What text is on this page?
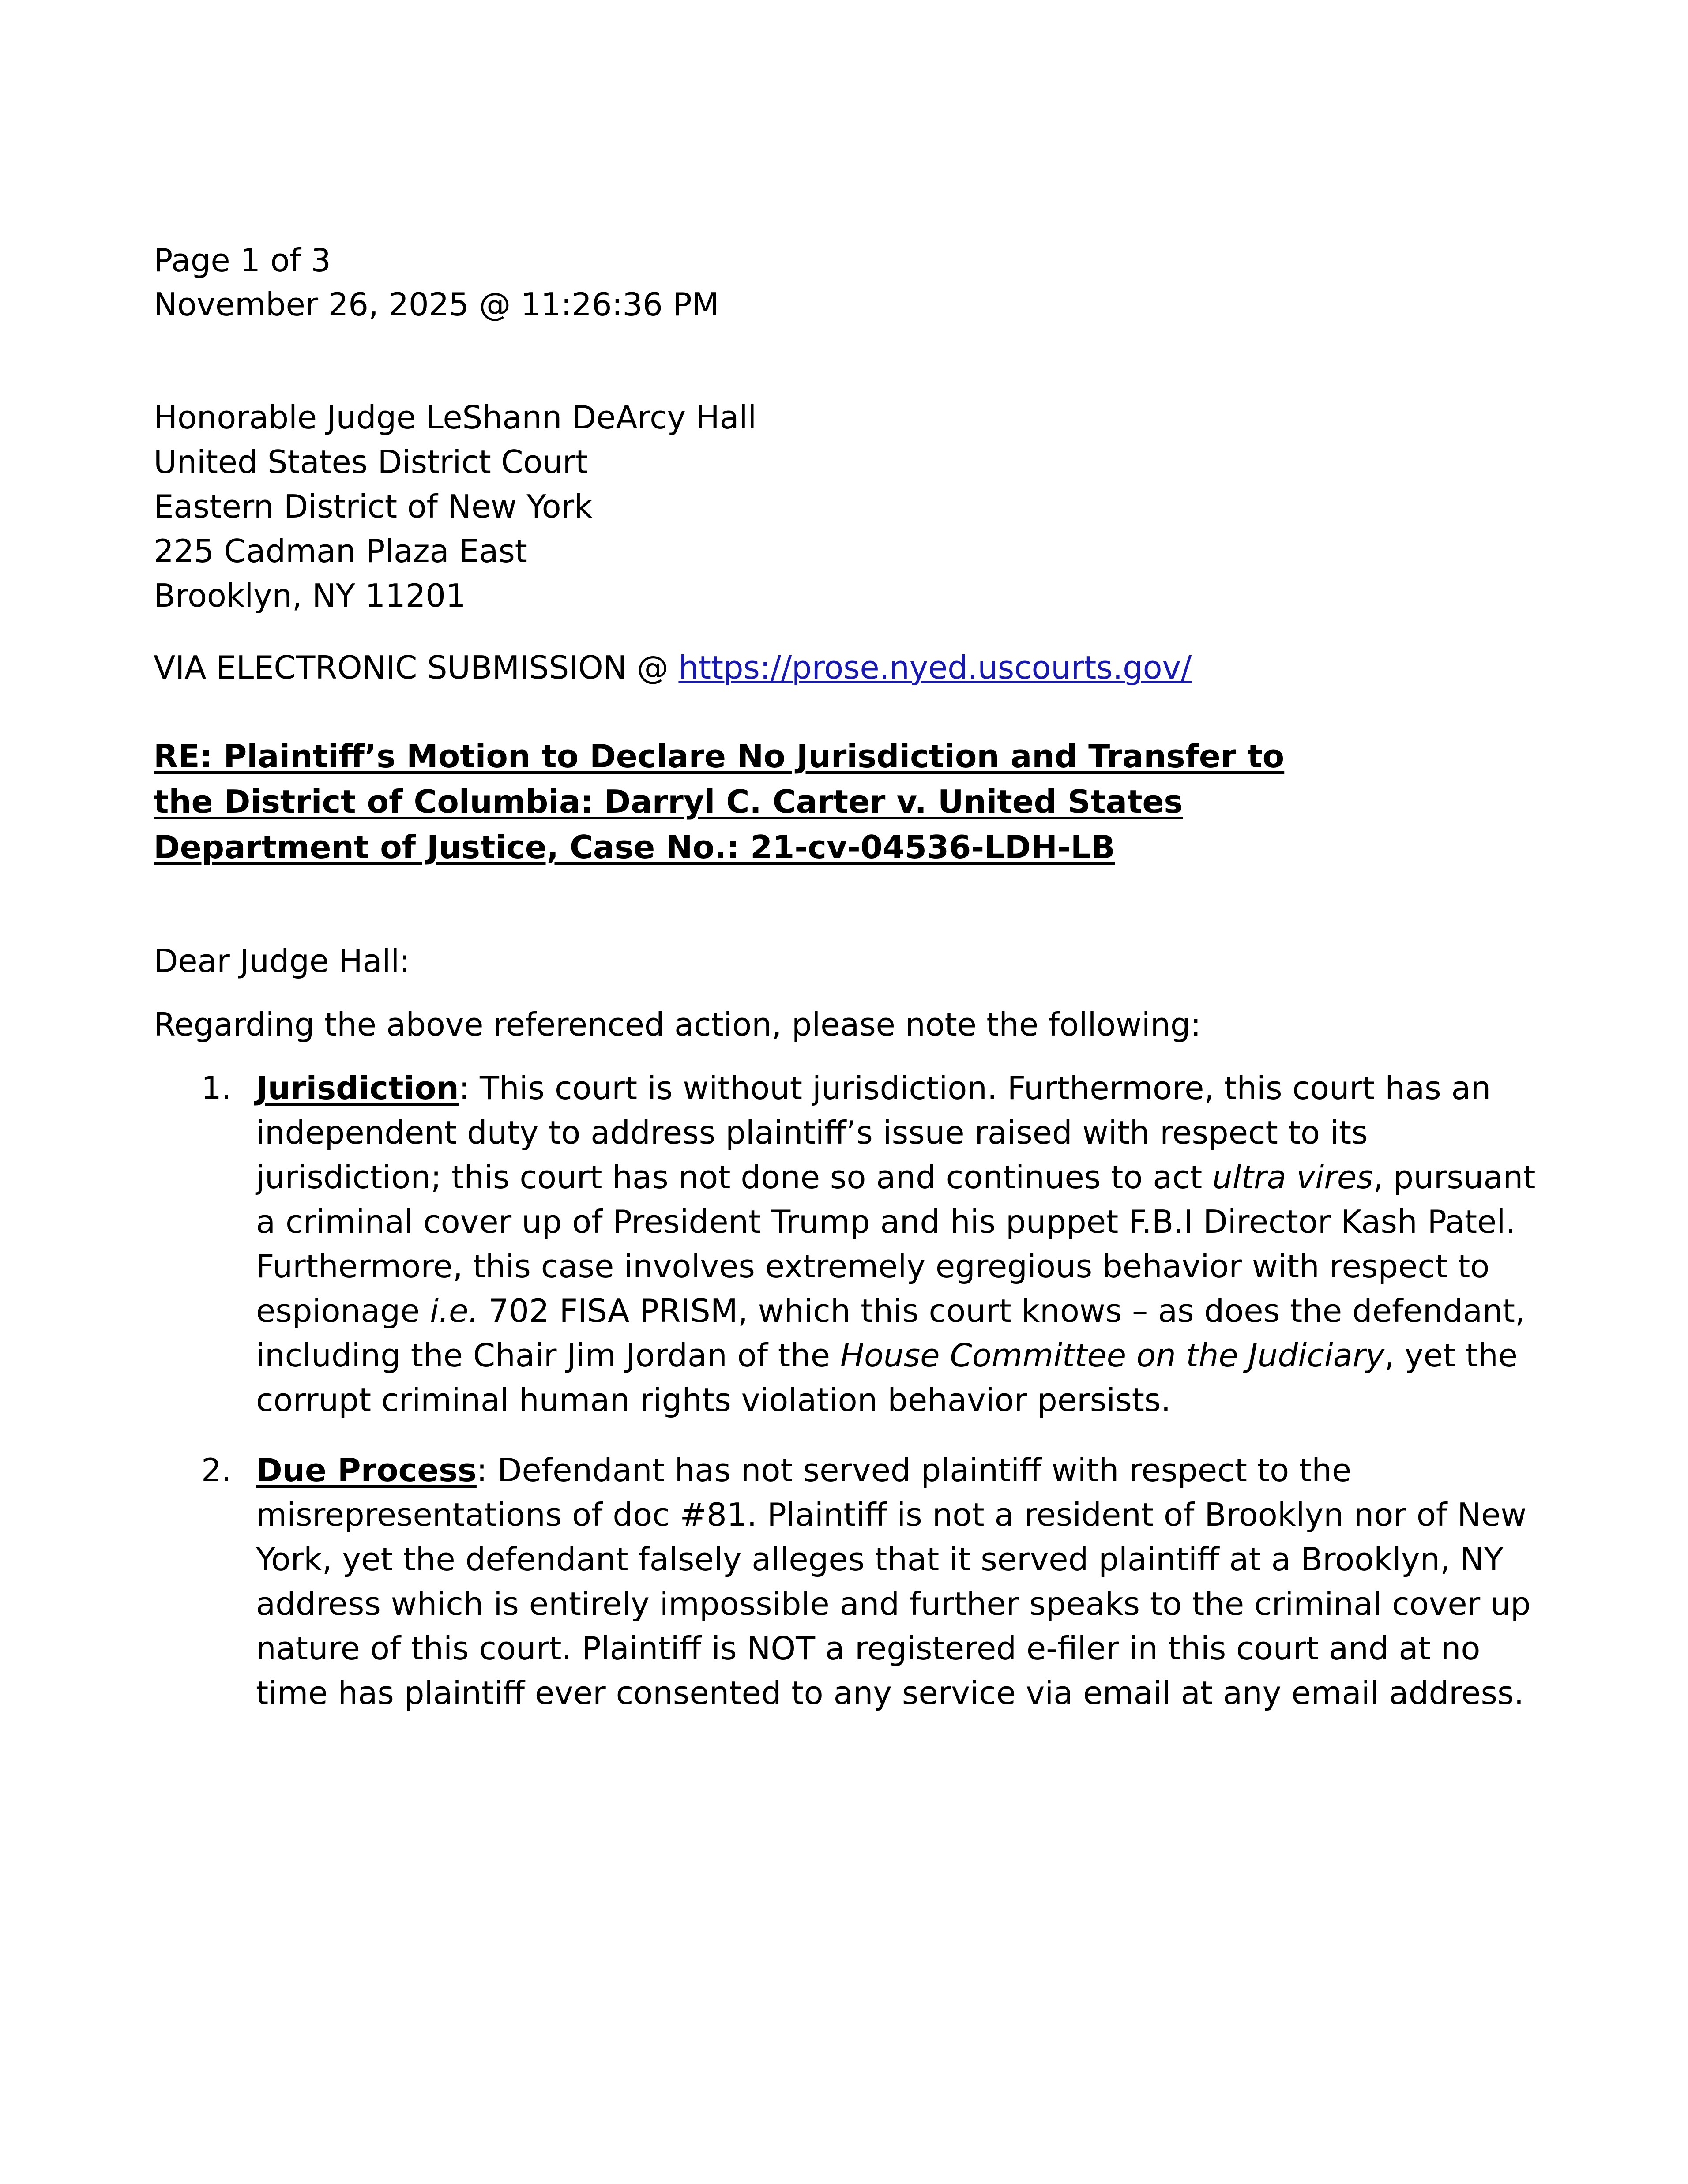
Page 1 of 3
November 26, 2025 @ 11:26:36 PM
Honorable Judge LeShann DeArcy Hall
United States District Court
Eastern District of New York
225 Cadman Plaza East
Brooklyn, NY 11201
VIA ELECTRONIC SUBMISSION @ https://prose.nyed.uscourts.gov/
RE: Plaintiff’s Motion to Declare No Jurisdiction and Transfer to
the District of Columbia: Darryl C. Carter v. United States
Department of Justice, Case No.: 21-cv-04536-LDH-LB
Dear Judge Hall:
Regarding the above referenced action, please note the following:
1. Jurisdiction: This court is without jurisdiction. Furthermore, this court has an independent duty to address plaintiff’s issue raised with respect to its jurisdiction; this court has not done so and continues to act ultra vires, pursuant a criminal cover up of President Trump and his puppet F.B.I Director Kash Patel. Furthermore, this case involves extremely egregious behavior with respect to espionage i.e. 702 FISA PRISM, which this court knows – as does the defendant, including the Chair Jim Jordan of the House Committee on the Judiciary, yet the corrupt criminal human rights violation behavior persists.
2. Due Process: Defendant has not served plaintiff with respect to the misrepresentations of doc #81. Plaintiff is not a resident of Brooklyn nor of New York, yet the defendant falsely alleges that it served plaintiff at a Brooklyn, NY address which is entirely impossible and further speaks to the criminal cover up nature of this court. Plaintiff is NOT a registered e-filer in this court and at no time has plaintiff ever consented to any service via email at any email address.
